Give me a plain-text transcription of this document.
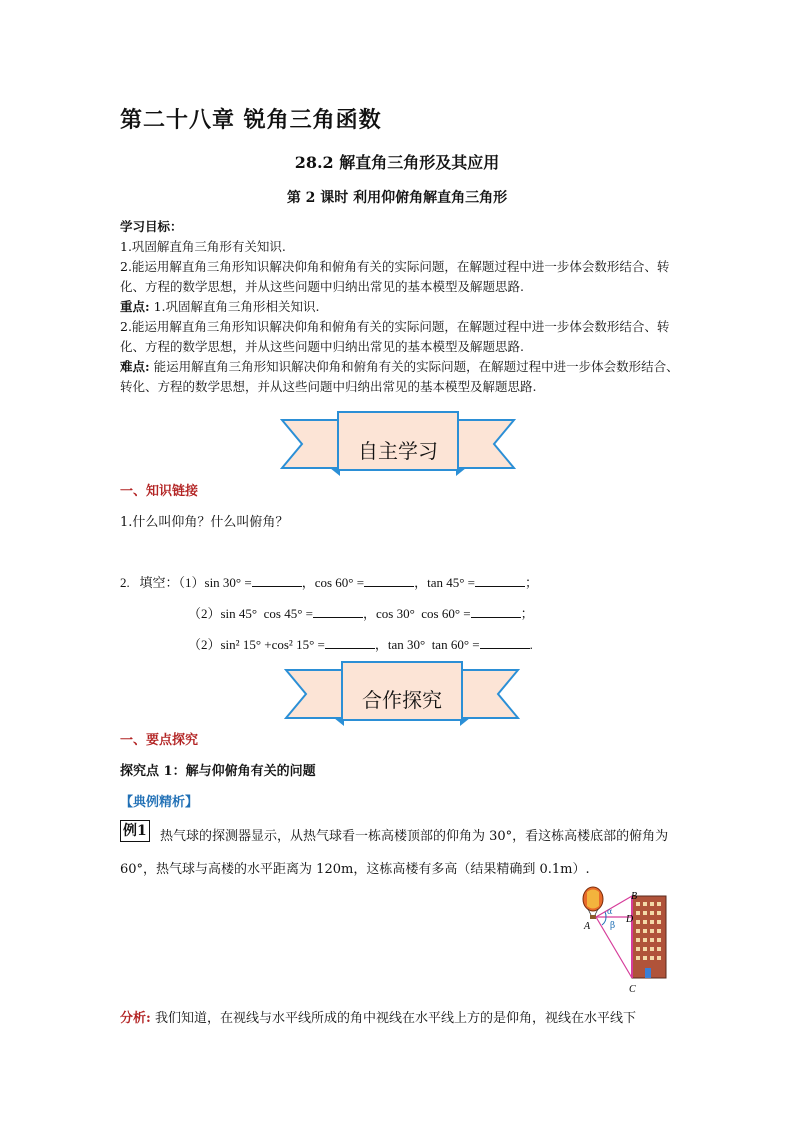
第二十八章 锐角三角函数
28.2 解直角三角形及其应用
第 2 课时 利用仰俯角解直角三角形

学习目标：

1.巩固解直角三角形有关知识.

2.能运用解直角三角形知识解决仰角和俯角有关的实际问题，在解题过程中进一步体会数形结合、转化、方程的数学思想，并从这些问题中归纳出常见的基本模型及解题思路.

重点: 1.巩固解直角三角形相关知识.

2.能运用解直角三角形知识解决仰角和俯角有关的实际问题，在解题过程中进一步体会数形结合、转化、方程的数学思想，并从这些问题中归纳出常见的基本模型及解题思路.

难点: 能运用解直角三角形知识解决仰角和俯角有关的实际问题，在解题过程中进一步体会数形结合、转化、方程的数学思想，并从这些问题中归纳出常见的基本模型及解题思路.

自主学习
一、知识链接
1.什么叫仰角？什么叫俯角？
2.   填空：（1）sin 30° =	，cos 60° =	，tan 45° =	；
（2）sin 45°  cos 45° =	，cos 30°  cos 60° =	；
（2）sin² 15° +cos² 15° =	，tan 30°  tan 60° =	.
合作探究
一、要点探究
探究点 1：解与仰俯角有关的问题
【典例精析】
热气球的探测器显示，从热气球看一栋高楼顶部的仰角为 30°，看这栋高楼底部的俯角为 60°，热气球与高楼的水平距离为 120m，这栋高楼有多高（结果精确到 0.1m）.
例1
A
B
D
C
α
β
分析: 我们知道，在视线与水平线所成的角中视线在水平线上方的是仰角，视线在水平线下
